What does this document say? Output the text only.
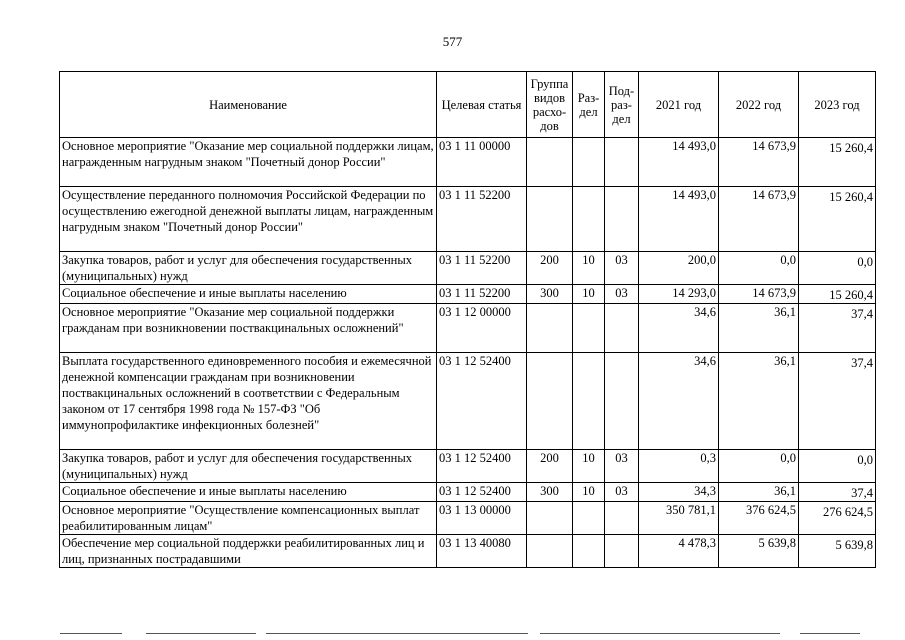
577
Наименование	Целевая статья	Группа видов расхо- дов	Раз- дел	Под- раз- дел	2021 год	2022 год	2023 год
Основное мероприятие "Оказание мер социальной поддержки лицам, награжденным нагрудным знаком "Почетный донор России"	03 1 11 00000				14 493,0	14 673,9	15 260,4

Осуществление переданного полномочия Российской Федерации по осуществлению ежегодной денежной выплаты лицам, награжденным нагрудным знаком "Почетный донор России"	03 1 11 52200				14 493,0	14 673,9	15 260,4

Закупка товаров, работ и услуг для обеспечения государственных (муниципальных) нужд	03 1 11 52200	200	10	03	200,0	0,0	0,0

Социальное обеспечение и иные выплаты населению	03 1 11 52200	300	10	03	14 293,0	14 673,9	15 260,4

Основное мероприятие "Оказание мер социальной поддержки гражданам при возникновении поствакцинальных осложнений"	03 1 12 00000				34,6	36,1	37,4

Выплата государственного единовременного пособия и ежемесячной денежной компенсации гражданам при возникновении поствакцинальных осложнений в соответствии с Федеральным законом от 17 сентября 1998 года № 157-ФЗ "Об иммунопрофилактике инфекционных болезней"	03 1 12 52400				34,6	36,1	37,4

Закупка товаров, работ и услуг для обеспечения государственных (муниципальных) нужд	03 1 12 52400	200	10	03	0,3	0,0	0,0

Социальное обеспечение и иные выплаты населению	03 1 12 52400	300	10	03	34,3	36,1	37,4

Основное мероприятие "Осуществление компенсационных выплат реабилитированным лицам"	03 1 13 00000				350 781,1	376 624,5	276 624,5

Обеспечение мер социальной поддержки реабилитированных лиц и лиц, признанных пострадавшими	03 1 13 40080				4 478,3	5 639,8	5 639,8
